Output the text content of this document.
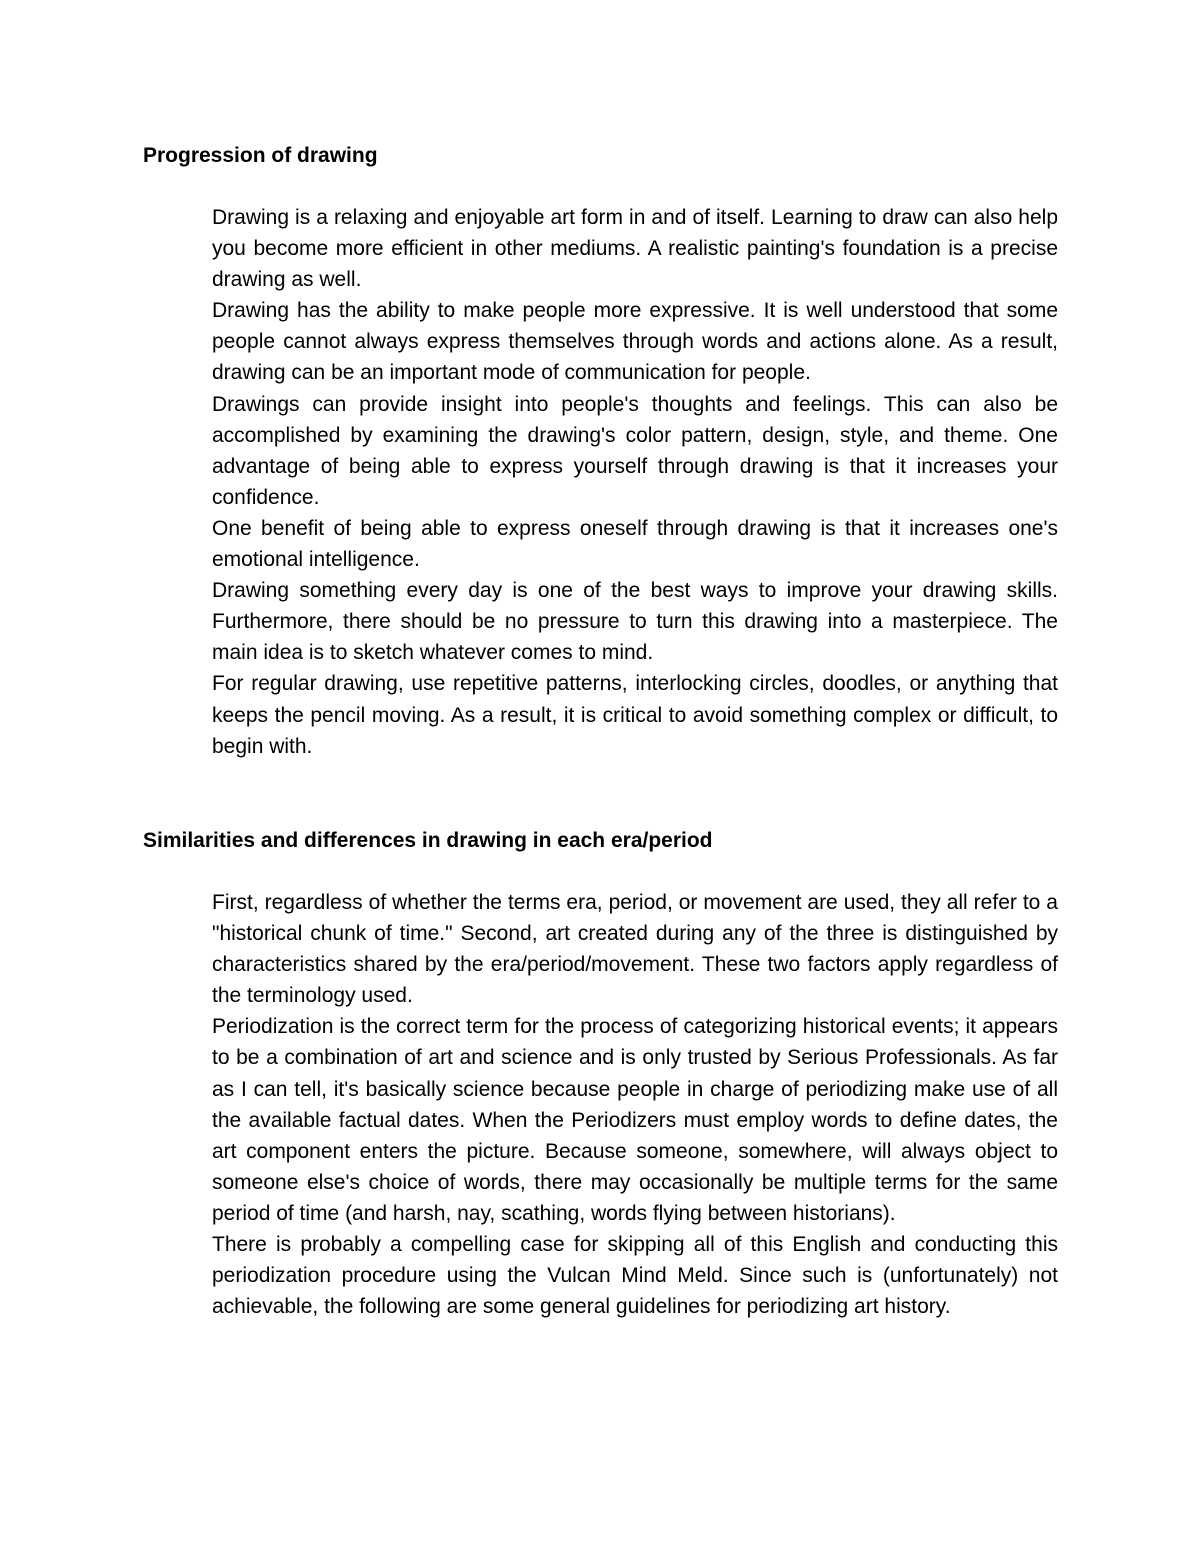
Progression of drawing

Drawing is a relaxing and enjoyable art form in and of itself. Learning to draw can also help you become more efficient in other mediums. A realistic painting's foundation is a precise drawing as well.

Drawing has the ability to make people more expressive. It is well understood that some people cannot always express themselves through words and actions alone. As a result, drawing can be an important mode of communication for people.

Drawings can provide insight into people's thoughts and feelings. This can also be accomplished by examining the drawing's color pattern, design, style, and theme. One advantage of being able to express yourself through drawing is that it increases your confidence.

One benefit of being able to express oneself through drawing is that it increases one's emotional intelligence.

Drawing something every day is one of the best ways to improve your drawing skills. Furthermore, there should be no pressure to turn this drawing into a masterpiece. The main idea is to sketch whatever comes to mind.

For regular drawing, use repetitive patterns, interlocking circles, doodles, or anything that keeps the pencil moving. As a result, it is critical to avoid something complex or difficult, to begin with.

Similarities and differences in drawing in each era/period

First, regardless of whether the terms era, period, or movement are used, they all refer to a "historical chunk of time." Second, art created during any of the three is distinguished by characteristics shared by the era/period/movement. These two factors apply regardless of the terminology used.

Periodization is the correct term for the process of categorizing historical events; it appears to be a combination of art and science and is only trusted by Serious Professionals. As far as I can tell, it's basically science because people in charge of periodizing make use of all the available factual dates. When the Periodizers must employ words to define dates, the art component enters the picture. Because someone, somewhere, will always object to someone else's choice of words, there may occasionally be multiple terms for the same period of time (and harsh, nay, scathing, words flying between historians).

There is probably a compelling case for skipping all of this English and conducting this periodization procedure using the Vulcan Mind Meld. Since such is (unfortunately) not achievable, the following are some general guidelines for periodizing art history.
